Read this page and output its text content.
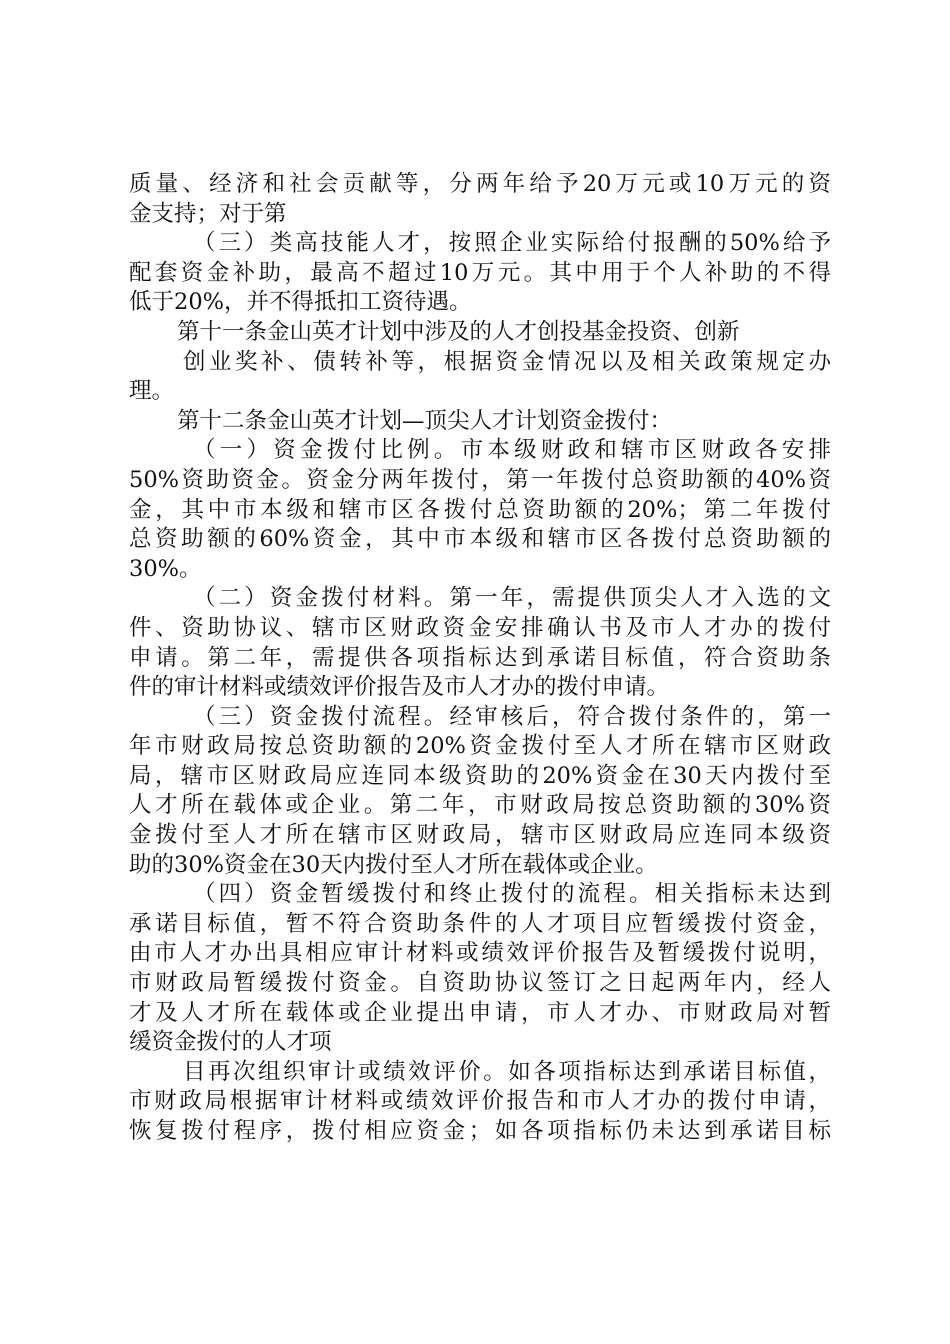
质量、经济和社会贡献等，分两年给予20万元或10万元的资
金支持；对于第
（三）类高技能人才，按照企业实际给付报酬的50%给予
配套资金补助，最高不超过10万元。其中用于个人补助的不得
低于20%，并不得抵扣工资待遇。
第十一条金山英才计划中涉及的人才创投基金投资、创新
创业奖补、债转补等，根据资金情况以及相关政策规定办
理。
第十二条金山英才计划—顶尖人才计划资金拨付：
（一）资金拨付比例。市本级财政和辖市区财政各安排
50%资助资金。资金分两年拨付，第一年拨付总资助额的40%资
金，其中市本级和辖市区各拨付总资助额的20%；第二年拨付
总资助额的60%资金，其中市本级和辖市区各拨付总资助额的
30%。
（二）资金拨付材料。第一年，需提供顶尖人才入选的文
件、资助协议、辖市区财政资金安排确认书及市人才办的拨付
申请。第二年，需提供各项指标达到承诺目标值，符合资助条
件的审计材料或绩效评价报告及市人才办的拨付申请。
（三）资金拨付流程。经审核后，符合拨付条件的，第一
年市财政局按总资助额的20%资金拨付至人才所在辖市区财政
局，辖市区财政局应连同本级资助的20%资金在30天内拨付至
人才所在载体或企业。第二年，市财政局按总资助额的30%资
金拨付至人才所在辖市区财政局，辖市区财政局应连同本级资
助的30%资金在30天内拨付至人才所在载体或企业。
（四）资金暂缓拨付和终止拨付的流程。相关指标未达到
承诺目标值，暂不符合资助条件的人才项目应暂缓拨付资金，
由市人才办出具相应审计材料或绩效评价报告及暂缓拨付说明，
市财政局暂缓拨付资金。自资助协议签订之日起两年内，经人
才及人才所在载体或企业提出申请，市人才办、市财政局对暂
缓资金拨付的人才项
目再次组织审计或绩效评价。如各项指标达到承诺目标值，
市财政局根据审计材料或绩效评价报告和市人才办的拨付申请，
恢复拨付程序，拨付相应资金；如各项指标仍未达到承诺目标
